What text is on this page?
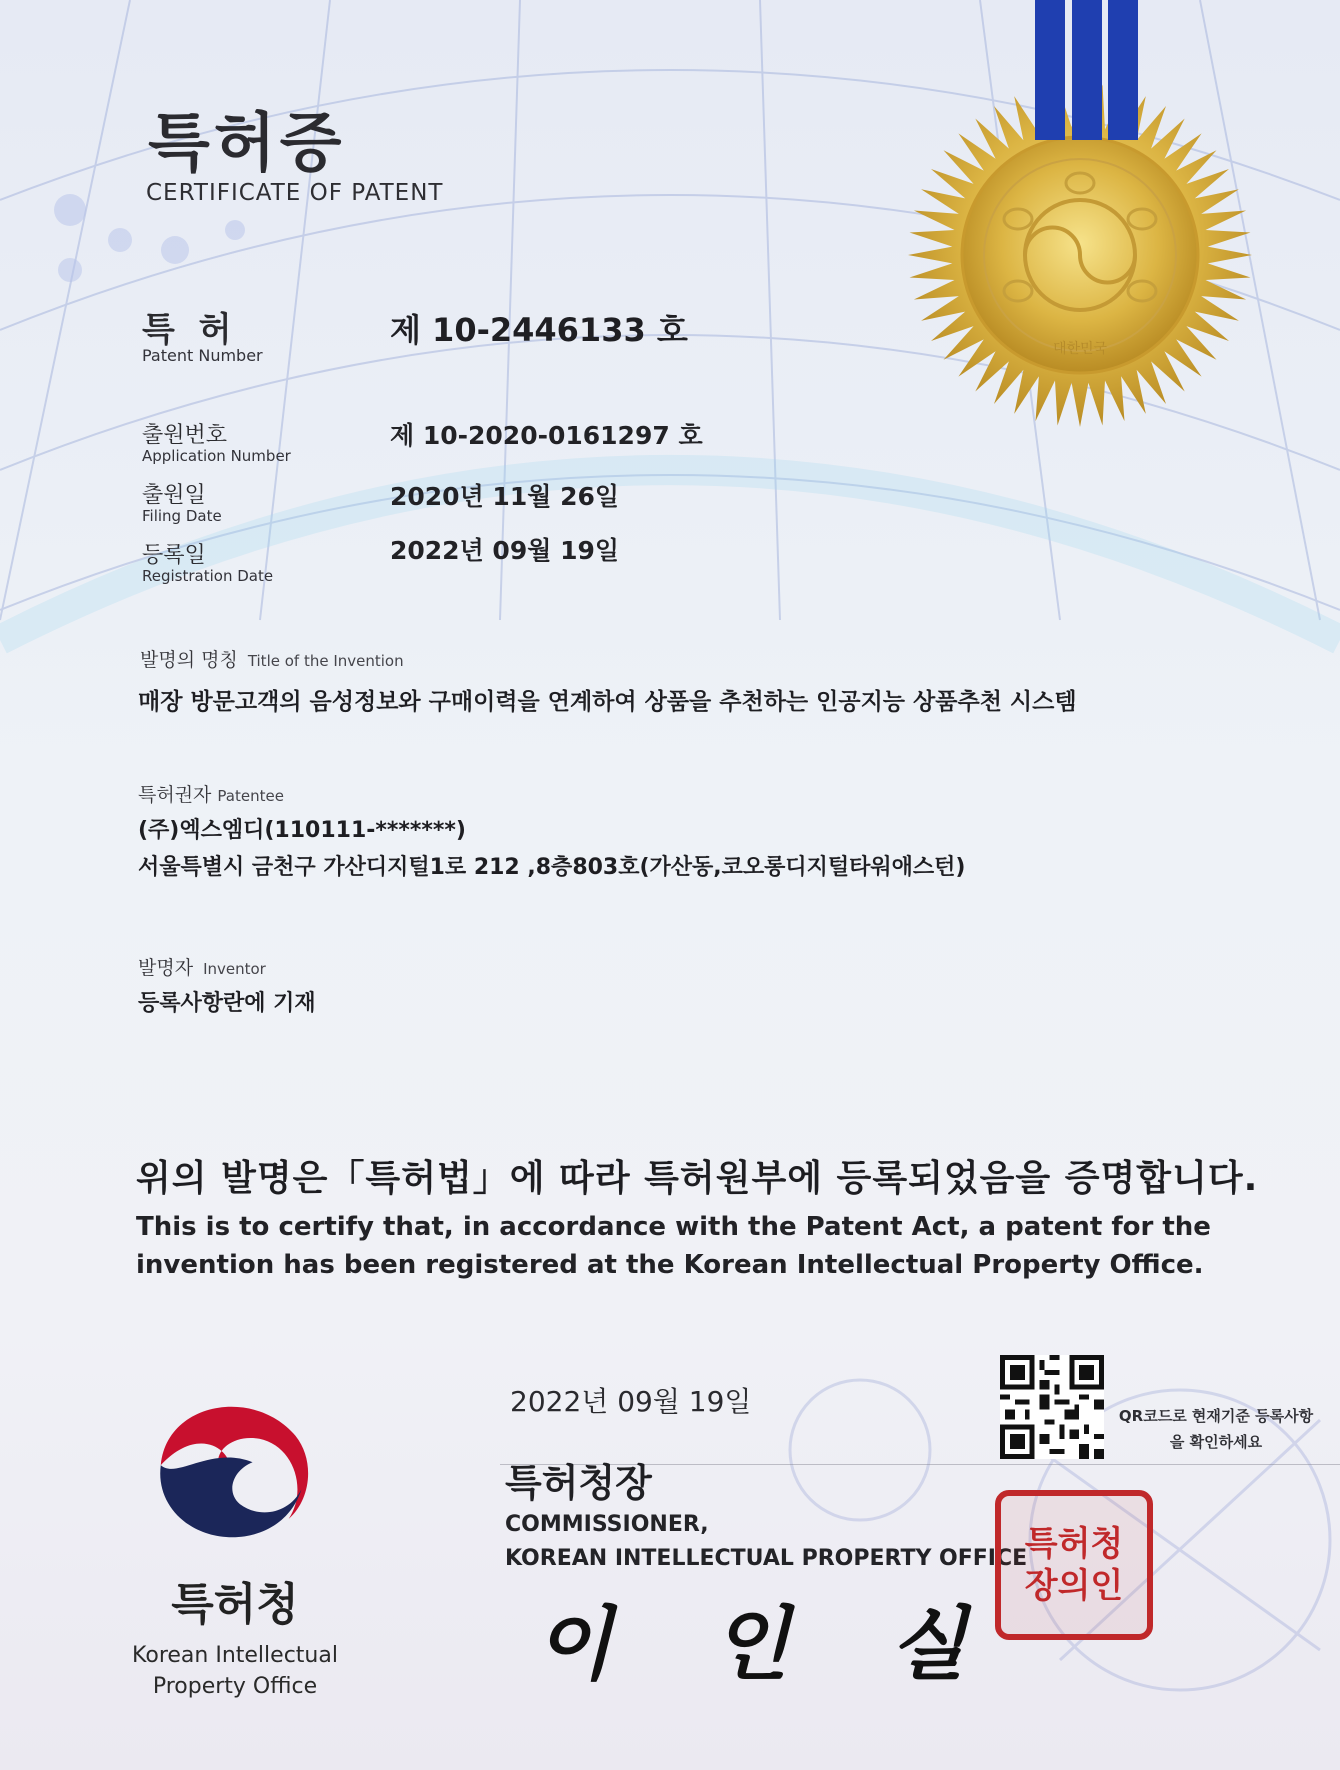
대한민국
특허증
CERTIFICATE OF PATENT
특 허
Patent Number
제 10-2446133 호
출원번호
Application Number
제 10-2020-0161297 호
출원일
Filing Date
2020년 11월 26일
등록일
Registration Date
2022년 09월 19일
발명의 명칭 Title of the Invention
매장 방문고객의 음성정보와 구매이력을 연계하여 상품을 추천하는 인공지능 상품추천 시스템
특허권자 Patentee
(주)엑스엠디(110111-*******)
서울특별시 금천구 가산디지털1로 212 ,8층803호(가산동,코오롱디지털타워애스턴)
발명자 Inventor
등록사항란에 기재
위의 발명은「특허법」에 따라 특허원부에 등록되었음을 증명합니다.
This is to certify that, in accordance with the Patent Act, a patent for the invention has been registered at the Korean Intellectual Property Office.
2022년 09월 19일	QR코드로 현재기준 등록사항을 확인하세요
특허청장
COMMISSIONER,
KOREAN INTELLECTUAL PROPERTY OFFICE
이 인 실
특허청장의인
특허청
Korean Intellectual Property Office
